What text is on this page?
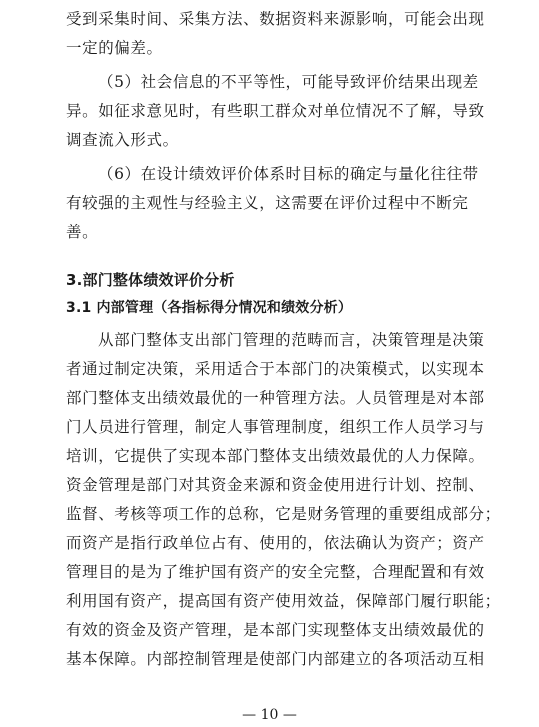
受到采集时间、采集方法、数据资料来源影响，可能会出现
一定的偏差。
（5）社会信息的不平等性，可能导致评价结果出现差
异。如征求意见时，有些职工群众对单位情况不了解，导致
调查流入形式。
（6）在设计绩效评价体系时目标的确定与量化往往带
有较强的主观性与经验主义，这需要在评价过程中不断完
善。
3.部门整体绩效评价分析
3.1 内部管理（各指标得分情况和绩效分析）
从部门整体支出部门管理的范畴而言，决策管理是决策
者通过制定决策，采用适合于本部门的决策模式，以实现本
部门整体支出绩效最优的一种管理方法。人员管理是对本部
门人员进行管理，制定人事管理制度，组织工作人员学习与
培训，它提供了实现本部门整体支出绩效最优的人力保障。
资金管理是部门对其资金来源和资金使用进行计划、控制、
监督、考核等项工作的总称，它是财务管理的重要组成部分；
而资产是指行政单位占有、使用的，依法确认为资产；资产
管理目的是为了维护国有资产的安全完整，合理配置和有效
利用国有资产，提高国有资产使用效益，保障部门履行职能；
有效的资金及资产管理，是本部门实现整体支出绩效最优的
基本保障。内部控制管理是使部门内部建立的各项活动互相
— 10 —
